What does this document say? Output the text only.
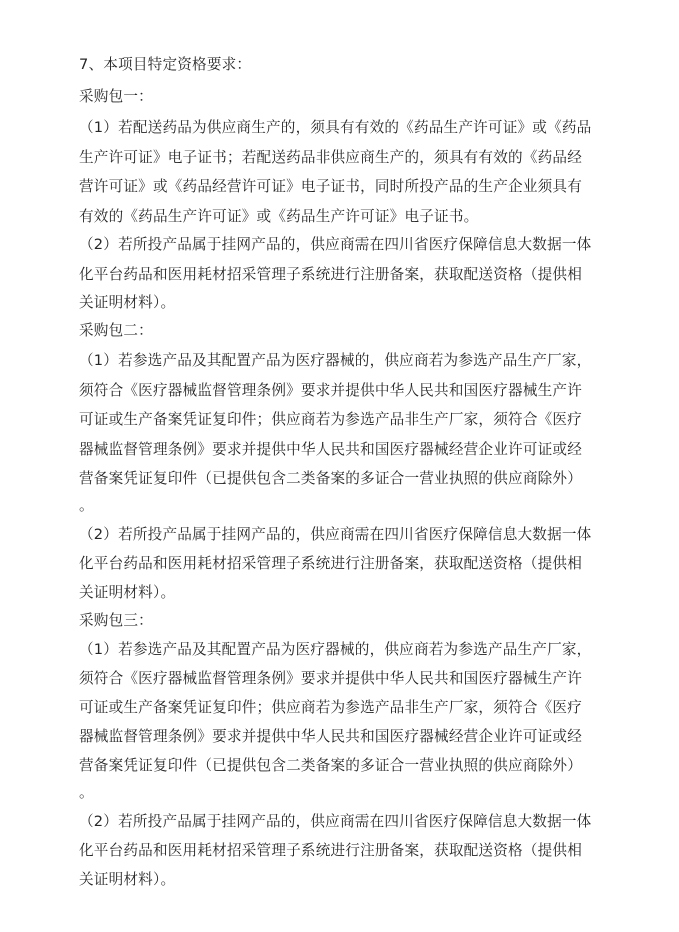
7、本项目特定资格要求：
采购包一：
（1）若配送药品为供应商生产的，须具有有效的《药品生产许可证》或《药品
生产许可证》电子证书；若配送药品非供应商生产的，须具有有效的《药品经
营许可证》或《药品经营许可证》电子证书，同时所投产品的生产企业须具有
有效的《药品生产许可证》或《药品生产许可证》电子证书。
（2）若所投产品属于挂网产品的，供应商需在四川省医疗保障信息大数据一体
化平台药品和医用耗材招采管理子系统进行注册备案，获取配送资格（提供相
关证明材料）。
采购包二：
（1）若参选产品及其配置产品为医疗器械的，供应商若为参选产品生产厂家，
须符合《医疗器械监督管理条例》要求并提供中华人民共和国医疗器械生产许
可证或生产备案凭证复印件；供应商若为参选产品非生产厂家，须符合《医疗
器械监督管理条例》要求并提供中华人民共和国医疗器械经营企业许可证或经
营备案凭证复印件（已提供包含二类备案的多证合一营业执照的供应商除外）
。
（2）若所投产品属于挂网产品的，供应商需在四川省医疗保障信息大数据一体
化平台药品和医用耗材招采管理子系统进行注册备案，获取配送资格（提供相
关证明材料）。
采购包三：
（1）若参选产品及其配置产品为医疗器械的，供应商若为参选产品生产厂家，
须符合《医疗器械监督管理条例》要求并提供中华人民共和国医疗器械生产许
可证或生产备案凭证复印件；供应商若为参选产品非生产厂家，须符合《医疗
器械监督管理条例》要求并提供中华人民共和国医疗器械经营企业许可证或经
营备案凭证复印件（已提供包含二类备案的多证合一营业执照的供应商除外）
。
（2）若所投产品属于挂网产品的，供应商需在四川省医疗保障信息大数据一体
化平台药品和医用耗材招采管理子系统进行注册备案，获取配送资格（提供相
关证明材料）。
